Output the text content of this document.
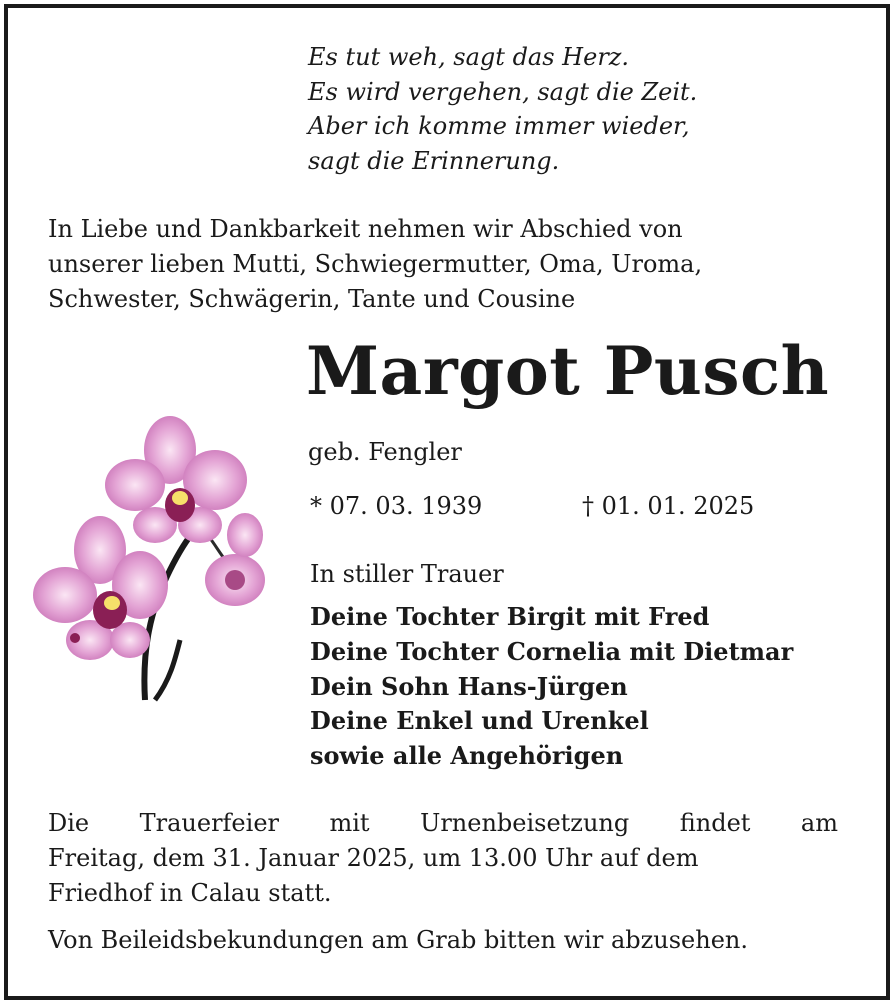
Es tut weh, sagt das Herz.
Es wird vergehen, sagt die Zeit.
Aber ich komme immer wieder,
sagt die Erinnerung.
In Liebe und Dankbarkeit nehmen wir Abschied von
unserer lieben Mutti, Schwiegermutter, Oma, Uroma,
Schwester, Schwägerin, Tante und Cousine
Margot Pusch
geb. Fengler
* 07. 03. 1939	† 01. 01. 2025
In stiller Trauer
Deine Tochter Birgit mit Fred
Deine Tochter Cornelia mit Dietmar
Dein Sohn Hans-Jürgen
Deine Enkel und Urenkel
sowie alle Angehörigen
Die Trauerfeier mit Urnenbeisetzung findet am
Freitag, dem 31. Januar 2025, um 13.00 Uhr auf dem
Friedhof in Calau statt.
Von Beileidsbekundungen am Grab bitten wir abzusehen.
